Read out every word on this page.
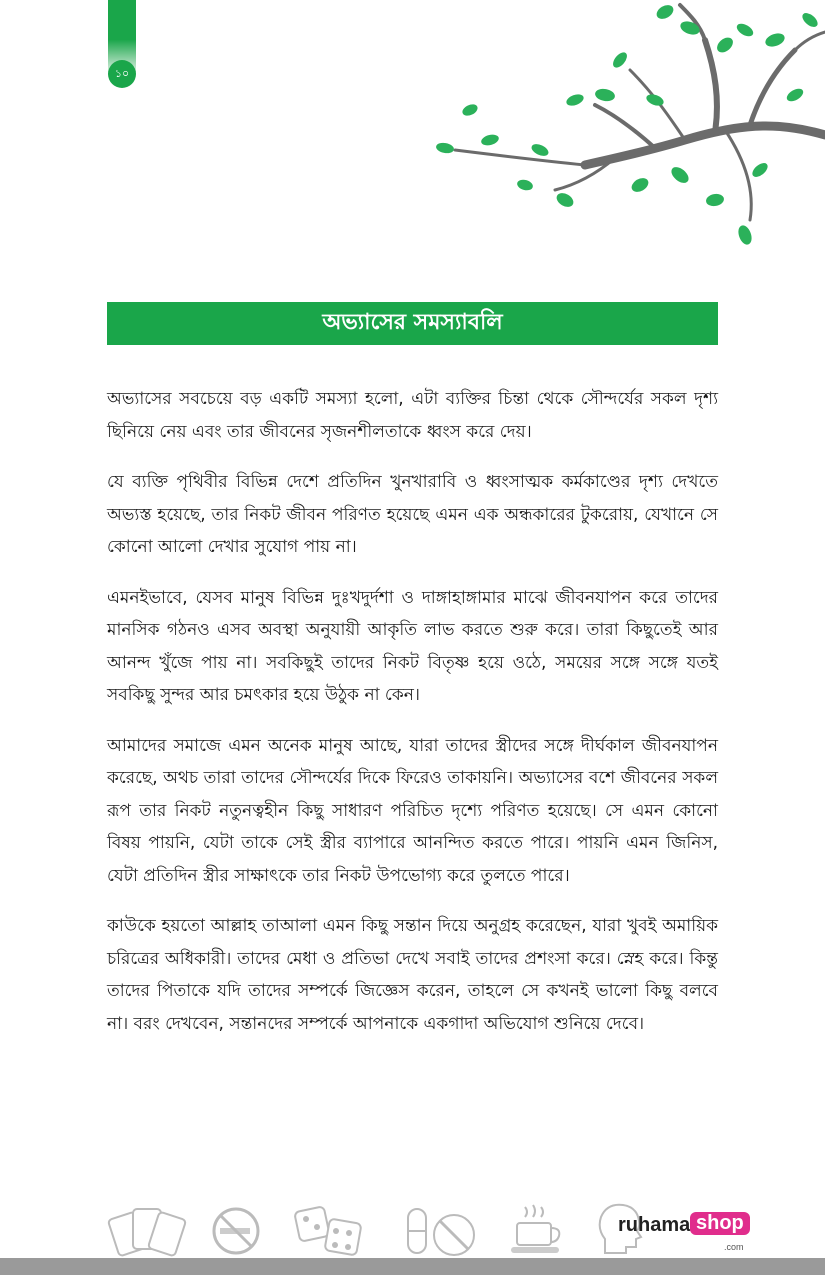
১০
অভ্যাসের সমস্যাবলি

অভ্যাসের সবচেয়ে বড় একটি সমস্যা হলো, এটা ব্যক্তির চিন্তা থেকে সৌন্দর্যের সকল দৃশ্য ছিনিয়ে নেয় এবং তার জীবনের সৃজনশীলতাকে ধ্বংস করে দেয়।

যে ব্যক্তি পৃথিবীর বিভিন্ন দেশে প্রতিদিন খুনখারাবি ও ধ্বংসাত্মক কর্মকাণ্ডের দৃশ্য দেখতে অভ্যস্ত হয়েছে, তার নিকট জীবন পরিণত হয়েছে এমন এক অন্ধকারের টুকরোয়, যেখানে সে কোনো আলো দেখার সুযোগ পায় না।

এমনইভাবে, যেসব মানুষ বিভিন্ন দুঃখদুর্দশা ও দাঙ্গাহাঙ্গামার মাঝে জীবনযাপন করে তাদের মানসিক গঠনও এসব অবস্থা অনুযায়ী আকৃতি লাভ করতে শুরু করে। তারা কিছুতেই আর আনন্দ খুঁজে পায় না। সবকিছুই তাদের নিকট বিতৃষ্ণ হয়ে ওঠে, সময়ের সঙ্গে সঙ্গে যতই সবকিছু সুন্দর আর চমৎকার হয়ে উঠুক না কেন।

আমাদের সমাজে এমন অনেক মানুষ আছে, যারা তাদের স্ত্রীদের সঙ্গে দীর্ঘকাল জীবনযাপন করেছে, অথচ তারা তাদের সৌন্দর্যের দিকে ফিরেও তাকায়নি। অভ্যাসের বশে জীবনের সকল রূপ তার নিকট নতুনত্বহীন কিছু সাধারণ পরিচিত দৃশ্যে পরিণত হয়েছে। সে এমন কোনো বিষয় পায়নি, যেটা তাকে সেই স্ত্রীর ব্যাপারে আনন্দিত করতে পারে। পায়নি এমন জিনিস, যেটা প্রতিদিন স্ত্রীর সাক্ষাৎকে তার নিকট উপভোগ্য করে তুলতে পারে।

কাউকে হয়তো আল্লাহ তাআলা এমন কিছু সন্তান দিয়ে অনুগ্রহ করেছেন, যারা খুবই অমায়িক চরিত্রের অধিকারী। তাদের মেধা ও প্রতিভা দেখে সবাই তাদের প্রশংসা করে। স্নেহ করে। কিন্তু তাদের পিতাকে যদি তাদের সম্পর্কে জিজ্ঞেস করেন, তাহলে সে কখনই ভালো কিছু বলবে না। বরং দেখবেন, সন্তানদের সম্পর্কে আপনাকে একগাদা অভিযোগ শুনিয়ে দেবে।

ruhama shop
.com
